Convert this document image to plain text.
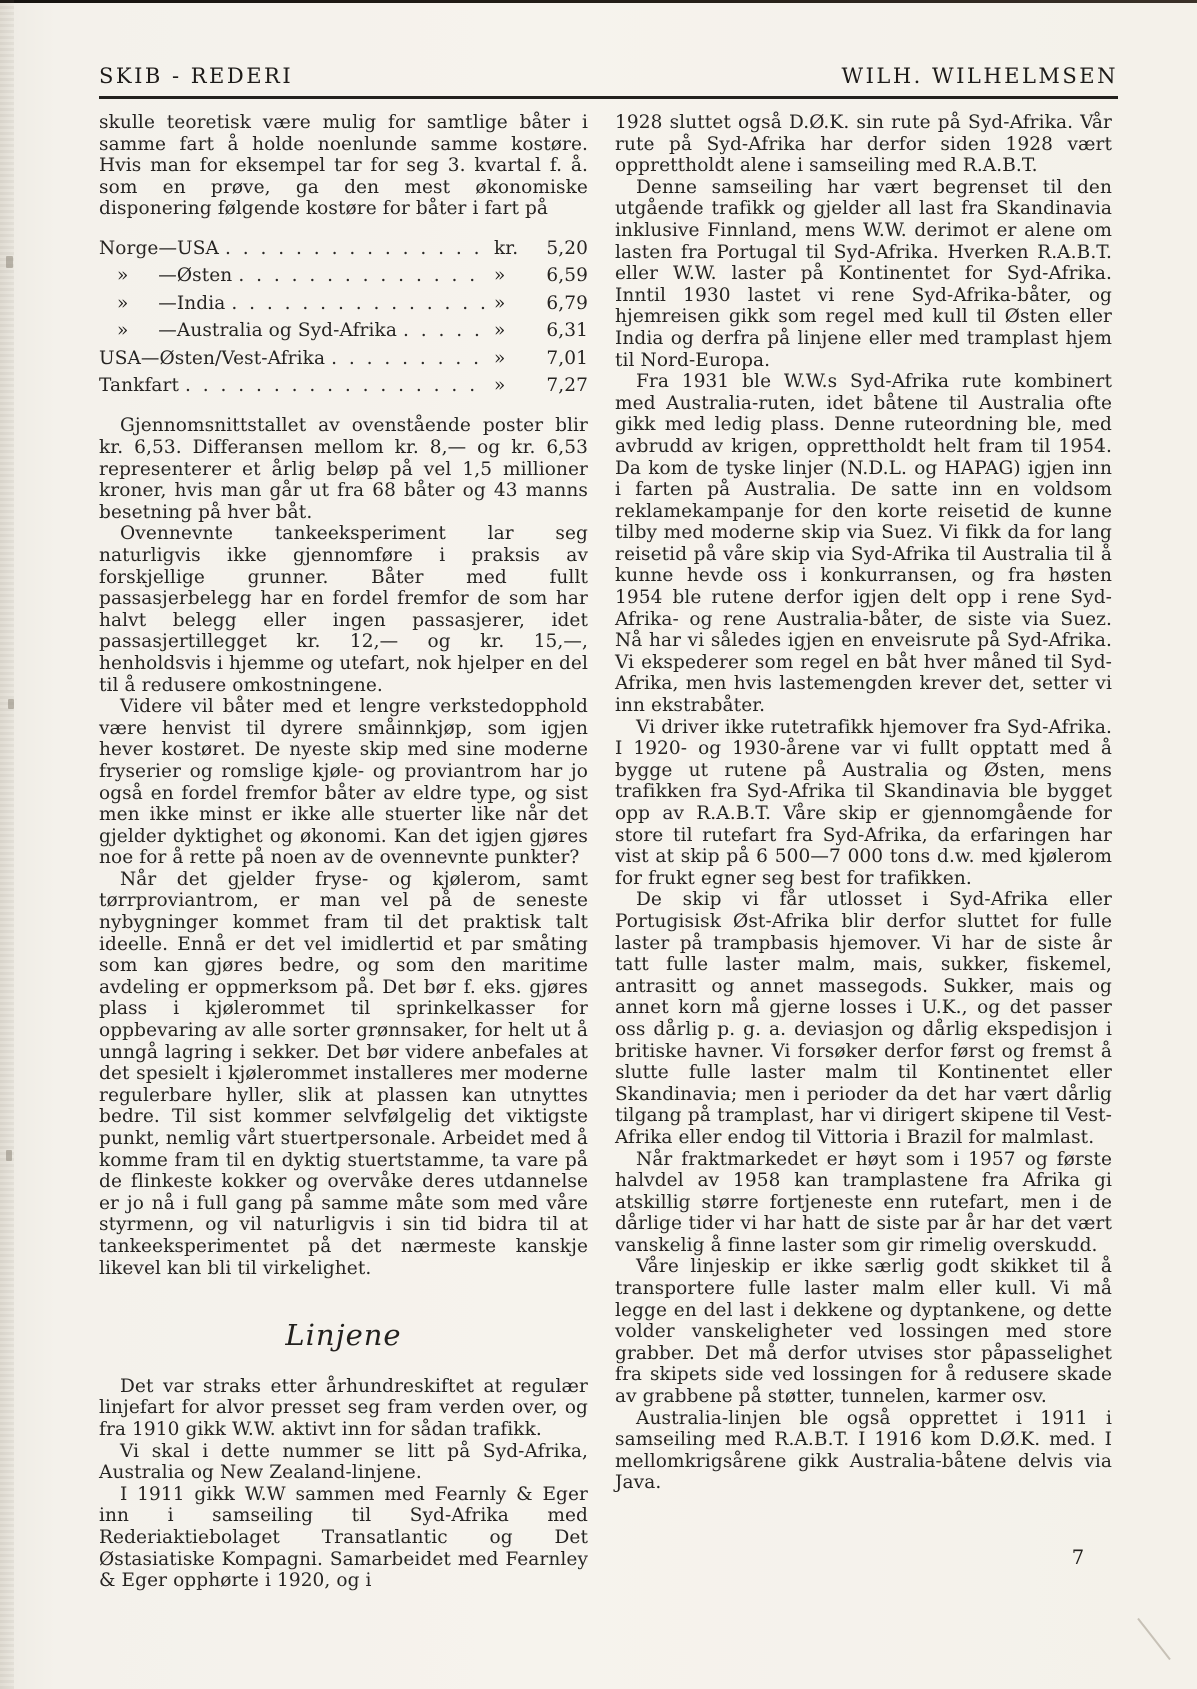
SKIB - REDERI	WILH. WILHELMSEN

skulle teoretisk være mulig for samtlige båter i samme fart å holde noenlunde samme kostøre. Hvis man for eksempel tar for seg 3. kvartal f. å. som en prøve, ga den mest økonomiske disponering følgende kostøre for båter i fart på

Norge—USA . . .	kr.	5,20
»     —Østen . . .	»	6,59
»     —India . . .	»	6,79
»     —Australia og Syd-Afrika . . .	»	6,31
USA—Østen/Vest-Afrika . . .	»	7,01
Tankfart . . .	»	7,27

Gjennomsnittstallet av ovenstående poster blir kr. 6,53. Differansen mellom kr. 8,— og kr. 6,53 representerer et årlig beløp på vel 1,5 millioner kroner, hvis man går ut fra 68 båter og 43 manns besetning på hver båt.

Ovennevnte tankeeksperiment lar seg naturligvis ikke gjennomføre i praksis av forskjellige grunner. Båter med fullt passasjerbelegg har en fordel fremfor de som har halvt belegg eller ingen passasjerer, idet passasjertillegget kr. 12,— og kr. 15,—, henholdsvis i hjemme og utefart, nok hjelper en del til å redusere omkostningene.

Videre vil båter med et lengre verkstedopphold være henvist til dyrere småinnkjøp, som igjen hever kostøret. De nyeste skip med sine moderne fryserier og romslige kjøle- og proviantrom har jo også en fordel fremfor båter av eldre type, og sist men ikke minst er ikke alle stuerter like når det gjelder dyktighet og økonomi. Kan det igjen gjøres noe for å rette på noen av de ovennevnte punkter?

Når det gjelder fryse- og kjølerom, samt tørrproviantrom, er man vel på de seneste nybygninger kommet fram til det praktisk talt ideelle. Ennå er det vel imidlertid et par småting som kan gjøres bedre, og som den maritime avdeling er oppmerksom på. Det bør f. eks. gjøres plass i kjølerommet til sprinkelkasser for oppbevaring av alle sorter grønnsaker, for helt ut å unngå lagring i sekker. Det bør videre anbefales at det spesielt i kjølerommet installeres mer moderne regulerbare hyller, slik at plassen kan utnyttes bedre. Til sist kommer selvfølgelig det viktigste punkt, nemlig vårt stuertpersonale. Arbeidet med å komme fram til en dyktig stuertstamme, ta vare på de flinkeste kokker og overvåke deres utdannelse er jo nå i full gang på samme måte som med våre styrmenn, og vil naturligvis i sin tid bidra til at tankeeksperimentet på det nærmeste kanskje likevel kan bli til virkelighet.

Linjene

Det var straks etter århundreskiftet at regulær linjefart for alvor presset seg fram verden over, og fra 1910 gikk W.W. aktivt inn for sådan trafikk.

Vi skal i dette nummer se litt på Syd-Afrika, Australia og New Zealand-linjene.

I 1911 gikk W.W sammen med Fearnly & Eger inn i samseiling til Syd-Afrika med Rederiaktiebolaget Transatlantic og Det Østasiatiske Kompagni. Samarbeidet med Fearnley & Eger opphørte i 1920, og i

1928 sluttet også D.Ø.K. sin rute på Syd-Afrika. Vår rute på Syd-Afrika har derfor siden 1928 vært opprettholdt alene i samseiling med R.A.B.T.

Denne samseiling har vært begrenset til den utgående trafikk og gjelder all last fra Skandinavia inklusive Finnland, mens W.W. derimot er alene om lasten fra Portugal til Syd-Afrika. Hverken R.A.B.T. eller W.W. laster på Kontinentet for Syd-Afrika. Inntil 1930 lastet vi rene Syd-Afrika-båter, og hjemreisen gikk som regel med kull til Østen eller India og derfra på linjene eller med tramplast hjem til Nord-Europa.

Fra 1931 ble W.W.s Syd-Afrika rute kombinert med Australia-ruten, idet båtene til Australia ofte gikk med ledig plass. Denne ruteordning ble, med avbrudd av krigen, opprettholdt helt fram til 1954. Da kom de tyske linjer (N.D.L. og HAPAG) igjen inn i farten på Australia. De satte inn en voldsom reklamekampanje for den korte reisetid de kunne tilby med moderne skip via Suez. Vi fikk da for lang reisetid på våre skip via Syd-Afrika til Australia til å kunne hevde oss i konkurransen, og fra høsten 1954 ble rutene derfor igjen delt opp i rene Syd-Afrika- og rene Australia-båter, de siste via Suez. Nå har vi således igjen en enveisrute på Syd-Afrika. Vi ekspederer som regel en båt hver måned til Syd-Afrika, men hvis lastemengden krever det, setter vi inn ekstrabåter.

Vi driver ikke rutetrafikk hjemover fra Syd-Afrika. I 1920- og 1930-årene var vi fullt opptatt med å bygge ut rutene på Australia og Østen, mens trafikken fra Syd-Afrika til Skandinavia ble bygget opp av R.A.B.T. Våre skip er gjennomgående for store til rutefart fra Syd-Afrika, da erfaringen har vist at skip på 6 500—7 000 tons d.w. med kjølerom for frukt egner seg best for trafikken.

De skip vi får utlosset i Syd-Afrika eller Portugisisk Øst-Afrika blir derfor sluttet for fulle laster på trampbasis hjemover. Vi har de siste år tatt fulle laster malm, mais, sukker, fiskemel, antrasitt og annet massegods. Sukker, mais og annet korn må gjerne losses i U.K., og det passer oss dårlig p. g. a. deviasjon og dårlig ekspedisjon i britiske havner. Vi forsøker derfor først og fremst å slutte fulle laster malm til Kontinentet eller Skandinavia; men i perioder da det har vært dårlig tilgang på tramplast, har vi dirigert skipene til Vest-Afrika eller endog til Vittoria i Brazil for malmlast.

Når fraktmarkedet er høyt som i 1957 og første halvdel av 1958 kan tramplastene fra Afrika gi atskillig større fortjeneste enn rutefart, men i de dårlige tider vi har hatt de siste par år har det vært vanskelig å finne laster som gir rimelig overskudd.

Våre linjeskip er ikke særlig godt skikket til å transportere fulle laster malm eller kull. Vi må legge en del last i dekkene og dyptankene, og dette volder vanskeligheter ved lossingen med store grabber. Det må derfor utvises stor påpasselighet fra skipets side ved lossingen for å redusere skade av grabbene på støtter, tunnelen, karmer osv.

Australia-linjen ble også opprettet i 1911 i samseiling med R.A.B.T. I 1916 kom D.Ø.K. med. I mellomkrigsårene gikk Australia-båtene delvis via Java.

7
